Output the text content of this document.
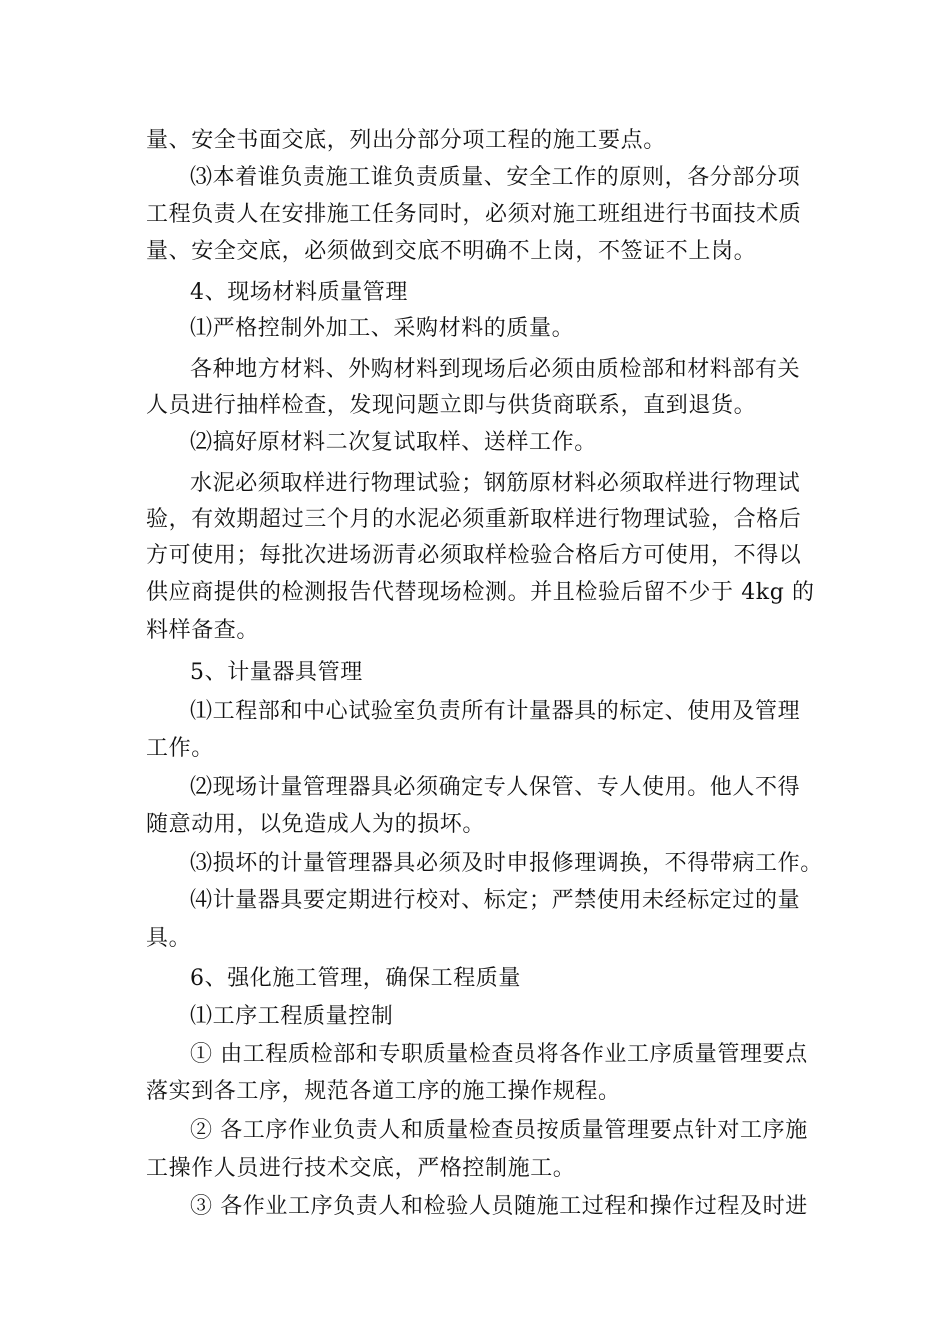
量、安全书面交底，列出分部分项工程的施工要点。
⑶本着谁负责施工谁负责质量、安全工作的原则，各分部分项
工程负责人在安排施工任务同时，必须对施工班组进行书面技术质
量、安全交底，必须做到交底不明确不上岗，不签证不上岗。
4、现场材料质量管理
⑴严格控制外加工、采购材料的质量。
各种地方材料、外购材料到现场后必须由质检部和材料部有关
人员进行抽样检查，发现问题立即与供货商联系，直到退货。
⑵搞好原材料二次复试取样、送样工作。
水泥必须取样进行物理试验；钢筋原材料必须取样进行物理试
验，有效期超过三个月的水泥必须重新取样进行物理试验，合格后
方可使用；每批次进场沥青必须取样检验合格后方可使用，不得以
供应商提供的检测报告代替现场检测。并且检验后留不少于 4kg 的
料样备查。
5、计量器具管理
⑴工程部和中心试验室负责所有计量器具的标定、使用及管理
工作。
⑵现场计量管理器具必须确定专人保管、专人使用。他人不得
随意动用，以免造成人为的损坏。
⑶损坏的计量管理器具必须及时申报修理调换，不得带病工作。
⑷计量器具要定期进行校对、标定；严禁使用未经标定过的量
具。
6、强化施工管理，确保工程质量
⑴工序工程质量控制
① 由工程质检部和专职质量检查员将各作业工序质量管理要点
落实到各工序，规范各道工序的施工操作规程。
② 各工序作业负责人和质量检查员按质量管理要点针对工序施
工操作人员进行技术交底，严格控制施工。
③ 各作业工序负责人和检验人员随施工过程和操作过程及时进
